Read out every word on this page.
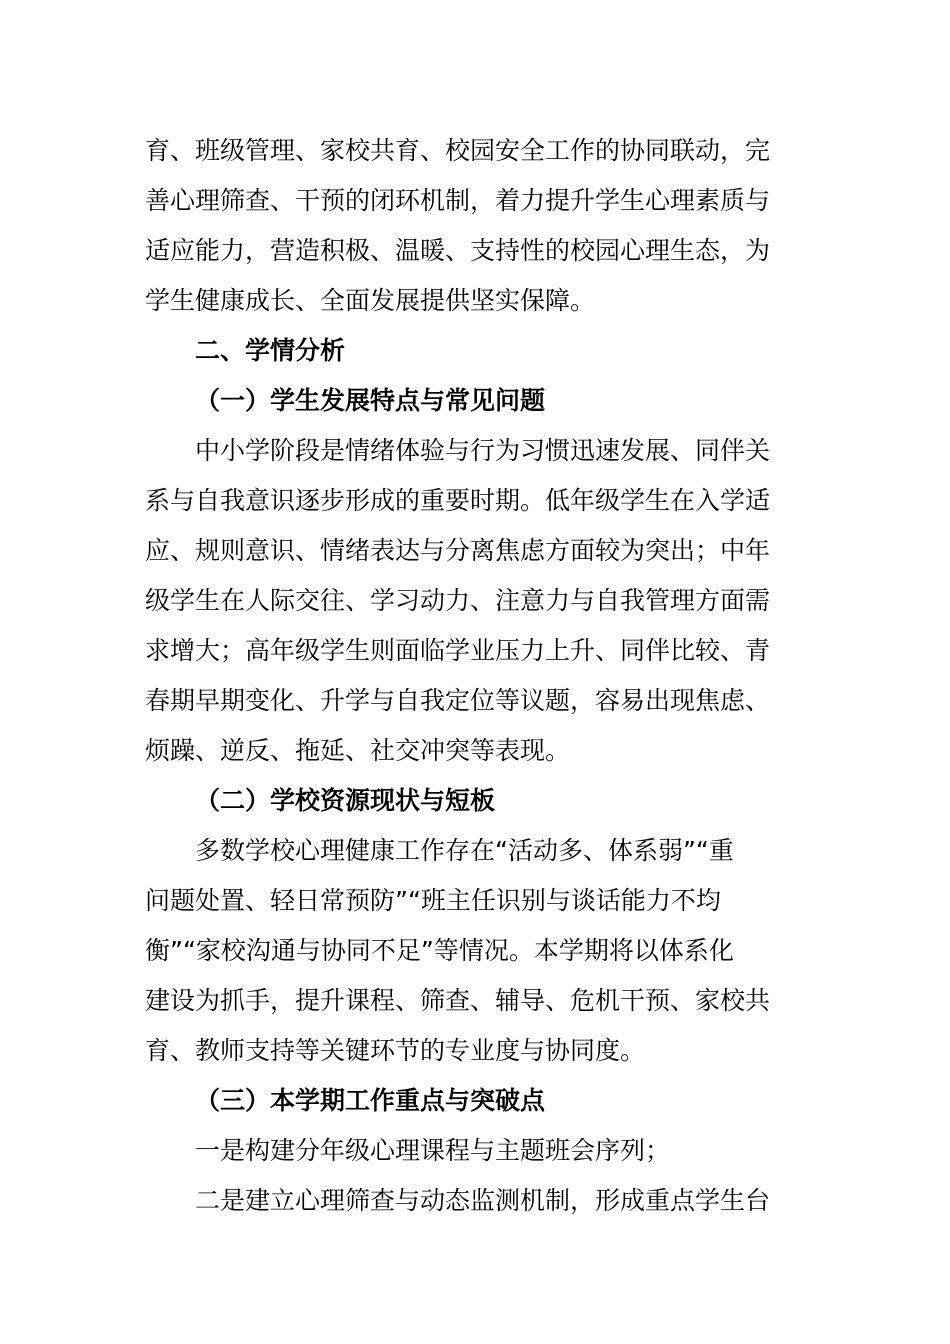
育、班级管理、家校共育、校园安全工作的协同联动，完
善心理筛查、干预的闭环机制，着力提升学生心理素质与
适应能力，营造积极、温暖、支持性的校园心理生态，为
学生健康成长、全面发展提供坚实保障。
二、学情分析
（一）学生发展特点与常见问题
中小学阶段是情绪体验与行为习惯迅速发展、同伴关
系与自我意识逐步形成的重要时期。低年级学生在入学适
应、规则意识、情绪表达与分离焦虑方面较为突出；中年
级学生在人际交往、学习动力、注意力与自我管理方面需
求增大；高年级学生则面临学业压力上升、同伴比较、青
春期早期变化、升学与自我定位等议题，容易出现焦虑、
烦躁、逆反、拖延、社交冲突等表现。
（二）学校资源现状与短板
多数学校心理健康工作存在“活动多、体系弱”“重
问题处置、轻日常预防”“班主任识别与谈话能力不均
衡”“家校沟通与协同不足”等情况。本学期将以体系化
建设为抓手，提升课程、筛查、辅导、危机干预、家校共
育、教师支持等关键环节的专业度与协同度。
（三）本学期工作重点与突破点
一是构建分年级心理课程与主题班会序列；
二是建立心理筛查与动态监测机制，形成重点学生台
